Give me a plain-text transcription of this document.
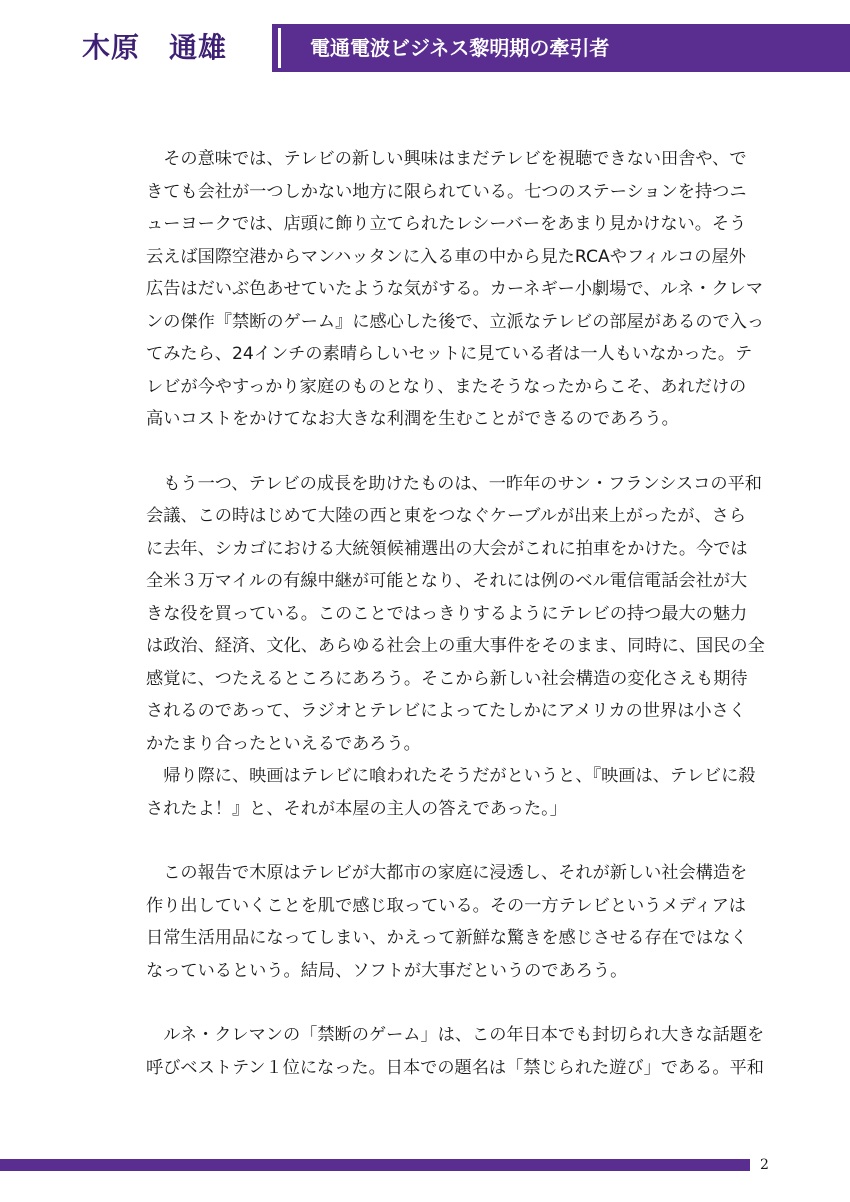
木原　通雄	電通電波ビジネス黎明期の牽引者
　その意味では、テレビの新しい興味はまだテレビを視聴できない田舎や、で
きても会社が一つしかない地方に限られている。七つのステーションを持つニ
ューヨークでは、店頭に飾り立てられたレシーバーをあまり見かけない。そう
云えば国際空港からマンハッタンに入る車の中から見たRCAやフィルコの屋外
広告はだいぶ色あせていたような気がする。カーネギー小劇場で、ルネ・クレマ
ンの傑作『禁断のゲーム』に感心した後で、立派なテレビの部屋があるので入っ
てみたら、24インチの素晴らしいセットに見ている者は一人もいなかった。テ
レビが今やすっかり家庭のものとなり、またそうなったからこそ、あれだけの
高いコストをかけてなお大きな利潤を生むことができるのであろう。
　もう一つ、テレビの成長を助けたものは、一昨年のサン・フランシスコの平和
会議、この時はじめて大陸の西と東をつなぐケーブルが出来上がったが、さら
に去年、シカゴにおける大統領候補選出の大会がこれに拍車をかけた。今では
全米３万マイルの有線中継が可能となり、それには例のベル電信電話会社が大
きな役を買っている。このことではっきりするようにテレビの持つ最大の魅力
は政治、経済、文化、あらゆる社会上の重大事件をそのまま、同時に、国民の全
感覚に、つたえるところにあろう。そこから新しい社会構造の変化さえも期待
されるのであって、ラジオとテレビによってたしかにアメリカの世界は小さく
かたまり合ったといえるであろう。
　帰り際に、映画はテレビに喰われたそうだがというと、『映画は、テレビに殺
されたよ！』と、それが本屋の主人の答えであった。」
　この報告で木原はテレビが大都市の家庭に浸透し、それが新しい社会構造を
作り出していくことを肌で感じ取っている。その一方テレビというメディアは
日常生活用品になってしまい、かえって新鮮な驚きを感じさせる存在ではなく
なっているという。結局、ソフトが大事だというのであろう。
　ルネ・クレマンの「禁断のゲーム」は、この年日本でも封切られ大きな話題を
呼びベストテン１位になった。日本での題名は「禁じられた遊び」である。平和
2
